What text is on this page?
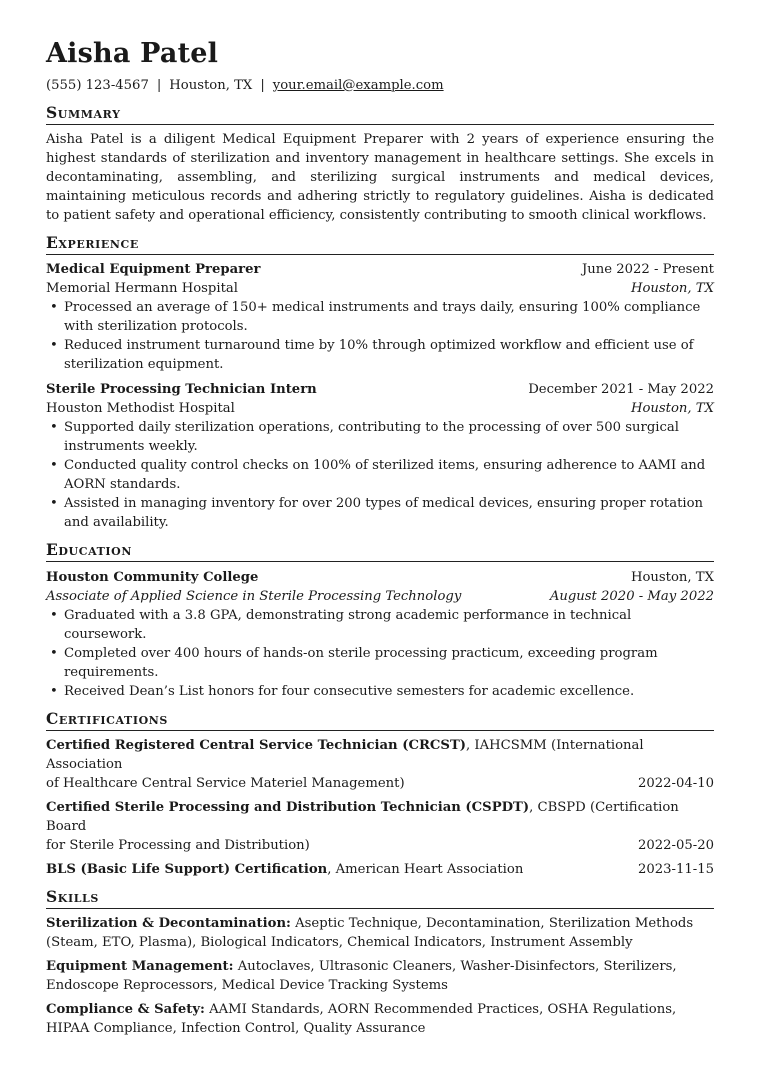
Aisha Patel
(555) 123-4567 | Houston, TX | your.email@example.com
Summary

Aisha Patel is a diligent Medical Equipment Preparer with 2 years of experience ensuring the highest standards of sterilization and inventory management in healthcare settings. She excels in decontaminating, assembling, and sterilizing surgical instruments and medical devices, maintaining meticulous records and adhering strictly to regulatory guidelines. Aisha is dedicated to patient safety and operational efficiency, consistently contributing to smooth clinical workflows.

Experience
Medical Equipment Preparer	June 2022 - Present
Memorial Hermann Hospital	Houston, TX
• Processed an average of 150+ medical instruments and trays daily, ensuring 100% compliance with sterilization protocols.
• Reduced instrument turnaround time by 10% through optimized workflow and efficient use of sterilization equipment.
Sterile Processing Technician Intern	December 2021 - May 2022
Houston Methodist Hospital	Houston, TX
• Supported daily sterilization operations, contributing to the processing of over 500 surgical instruments weekly.
• Conducted quality control checks on 100% of sterilized items, ensuring adherence to AAMI and AORN standards.
• Assisted in managing inventory for over 200 types of medical devices, ensuring proper rotation and availability.
Education
Houston Community College	Houston, TX
Associate of Applied Science in Sterile Processing Technology	August 2020 - May 2022
• Graduated with a 3.8 GPA, demonstrating strong academic performance in technical coursework.
• Completed over 400 hours of hands-on sterile processing practicum, exceeding program requirements.
• Received Dean’s List honors for four consecutive semesters for academic excellence.
Certifications
Certified Registered Central Service Technician (CRCST), IAHCSMM (International Association
of Healthcare Central Service Materiel Management)	2022-04-10
Certified Sterile Processing and Distribution Technician (CSPDT), CBSPD (Certification Board
for Sterile Processing and Distribution)	2022-05-20
BLS (Basic Life Support) Certification, American Heart Association	2023-11-15
Skills
Sterilization & Decontamination: Aseptic Technique, Decontamination, Sterilization Methods (Steam, ETO, Plasma), Biological Indicators, Chemical Indicators, Instrument Assembly
Equipment Management: Autoclaves, Ultrasonic Cleaners, Washer-Disinfectors, Sterilizers, Endoscope Reprocessors, Medical Device Tracking Systems
Compliance & Safety: AAMI Standards, AORN Recommended Practices, OSHA Regulations, HIPAA Compliance, Infection Control, Quality Assurance
